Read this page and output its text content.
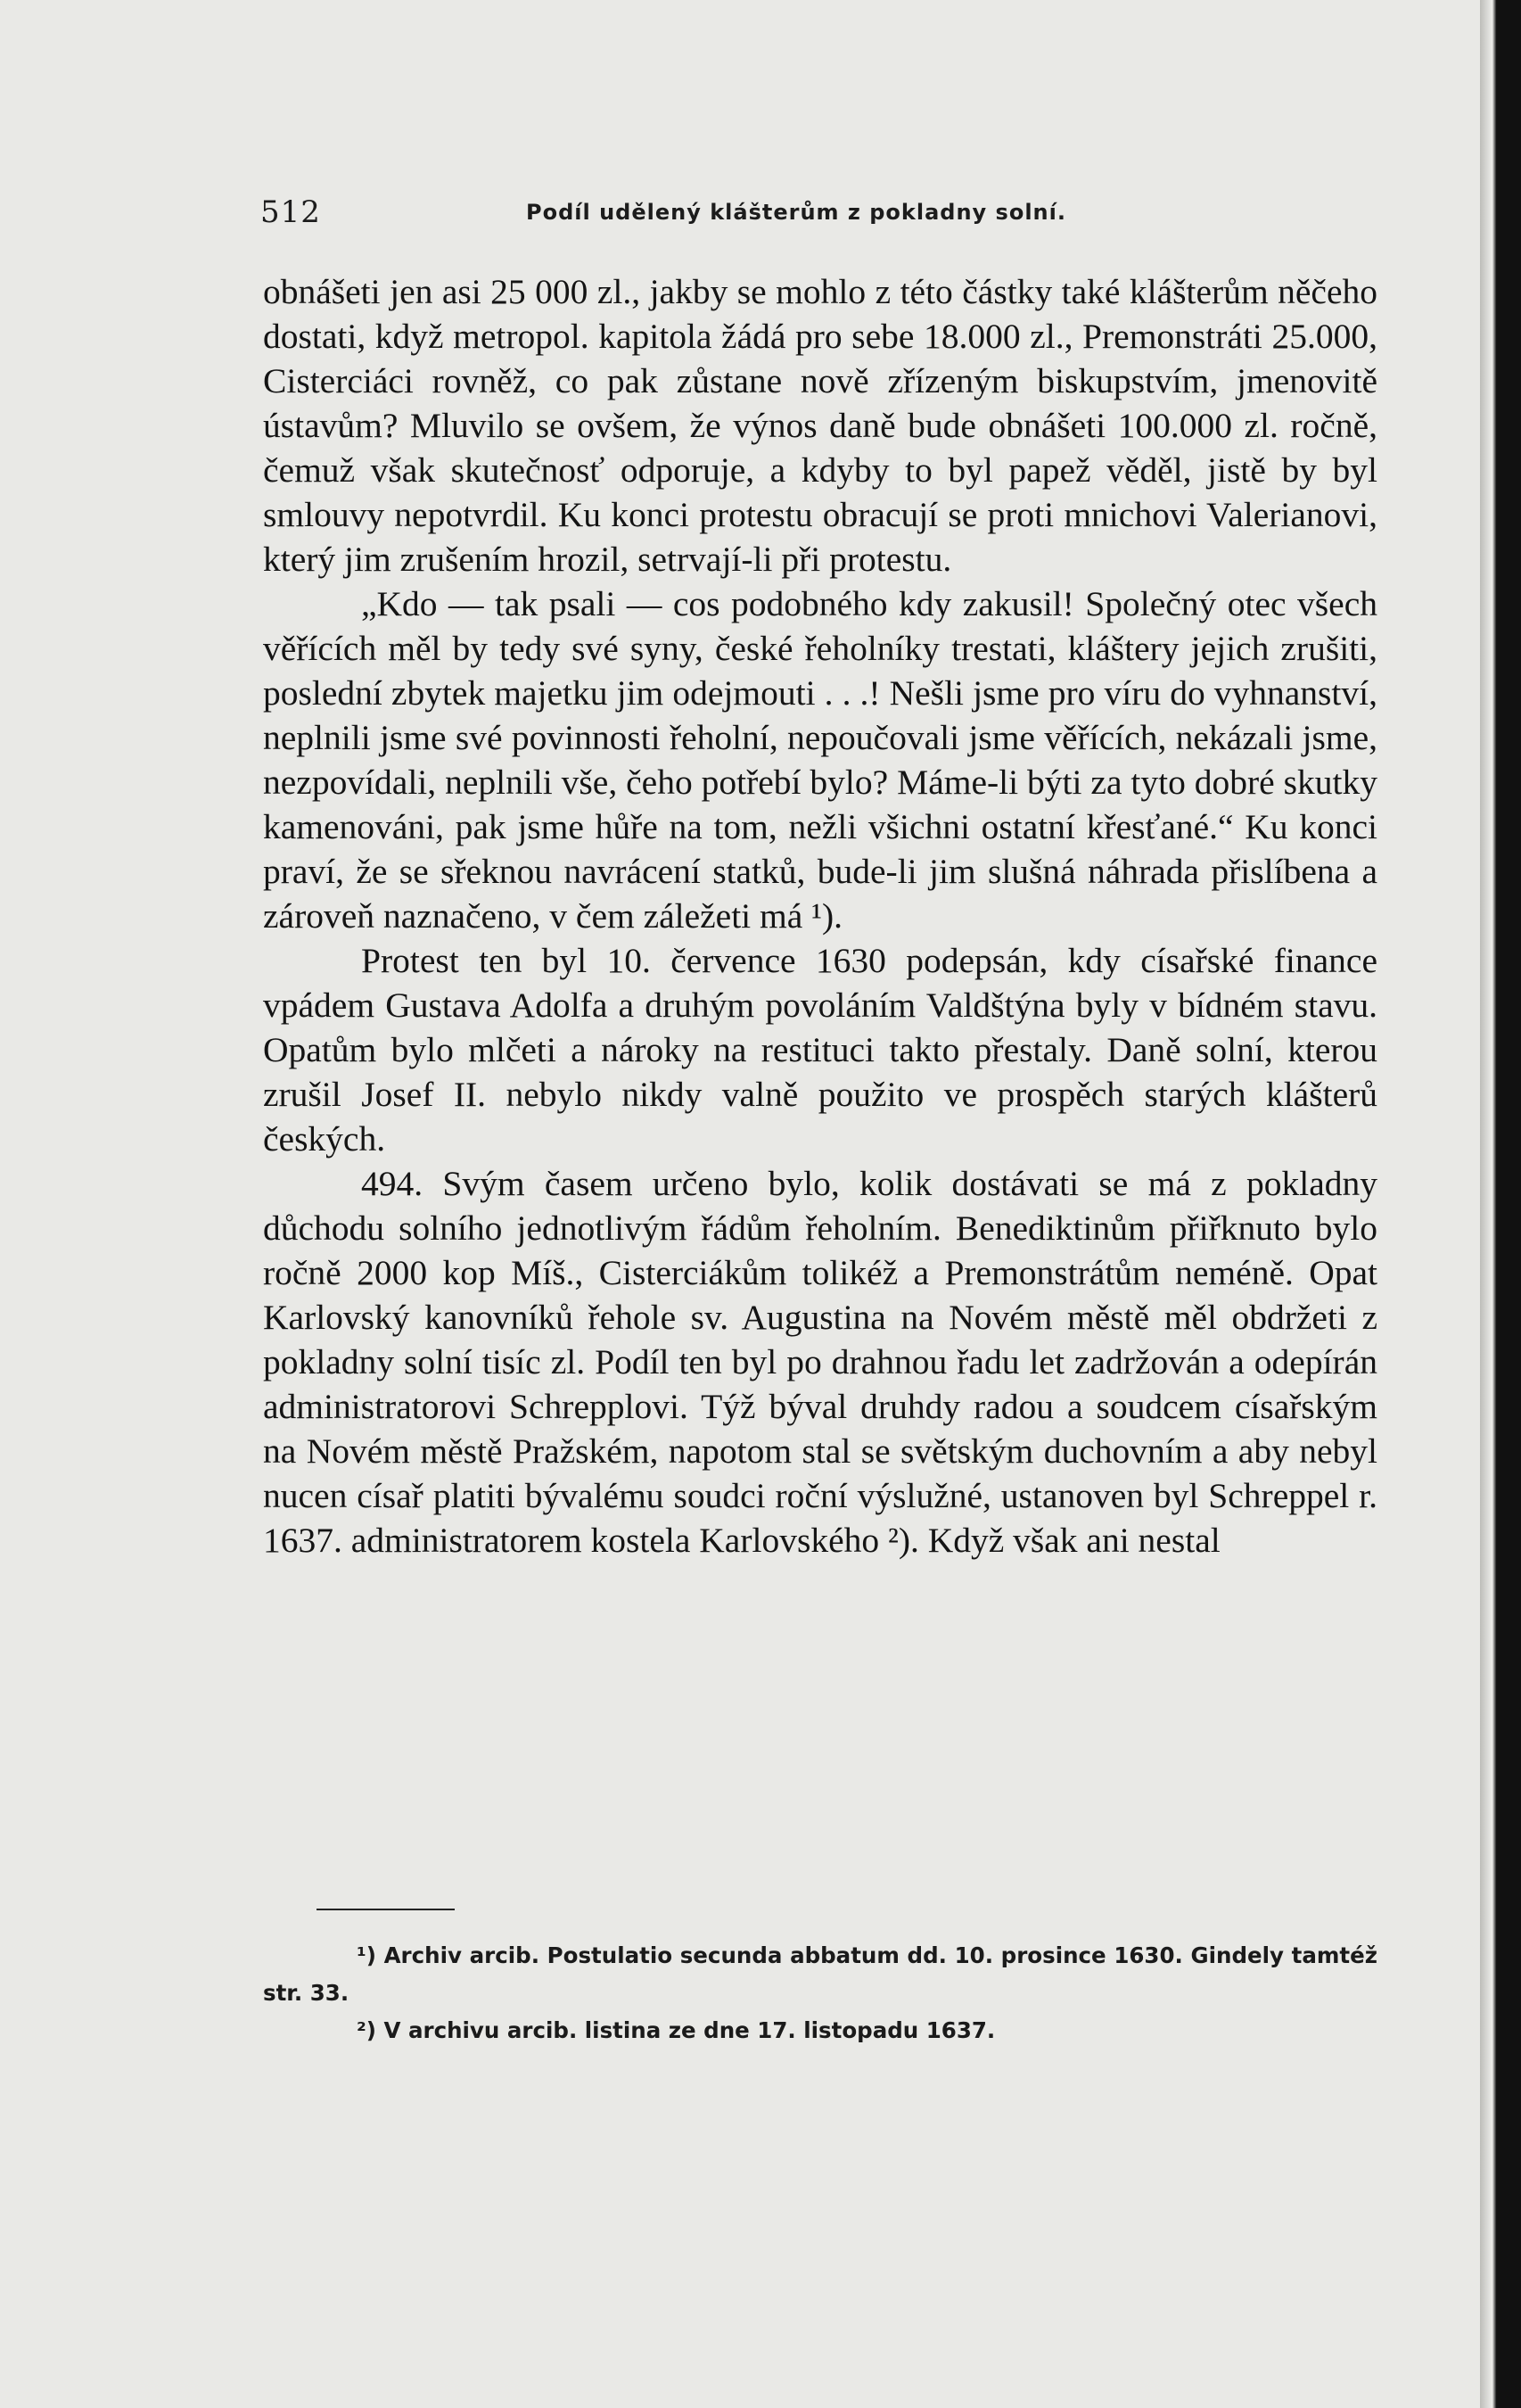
512	Podíl udělený klášterům z pokladny solní.

obnášeti jen asi 25 000 zl., jakby se mohlo z této částky také klášterům něčeho dostati, když metropol. kapitola žádá pro sebe 18.000 zl., Premonstráti 25.000, Cisterciáci rovněž, co pak zůstane nově zřízeným biskupstvím, jmenovitě ústavům? Mluvilo se ovšem, že výnos daně bude obnášeti 100.000 zl. ročně, čemuž však skutečnosť odporuje, a kdyby to byl papež věděl, jistě by byl smlouvy nepotvrdil. Ku konci protestu obracují se proti mnichovi Valerianovi, který jim zrušením hrozil, setrvají-li při protestu.

„Kdo — tak psali — cos podobného kdy zakusil! Společný otec všech věřících měl by tedy své syny, české řeholníky trestati, kláštery jejich zrušiti, poslední zbytek majetku jim odejmouti . . .! Nešli jsme pro víru do vyhnanství, neplnili jsme své povinnosti řeholní, nepoučovali jsme věřících, nekázali jsme, nezpovídali, neplnili vše, čeho potřebí bylo? Máme-li býti za tyto dobré skutky kamenováni, pak jsme hůře na tom, nežli všichni ostatní křesťané.“ Ku konci praví, že se sřeknou navrácení statků, bude-li jim slušná náhrada přislíbena a zároveň naznačeno, v čem záležeti má ¹).

Protest ten byl 10. července 1630 podepsán, kdy císařské finance vpádem Gustava Adolfa a druhým povoláním Valdštýna byly v bídném stavu. Opatům bylo mlčeti a nároky na restituci takto přestaly. Daně solní, kterou zrušil Josef II. nebylo nikdy valně použito ve prospěch starých klášterů českých.

494. Svým časem určeno bylo, kolik dostávati se má z pokladny důchodu solního jednotlivým řádům řeholním. Benediktinům přiřknuto bylo ročně 2000 kop Míš., Cisterciákům tolikéž a Premonstrátům neméně. Opat Karlovský kanovníků řehole sv. Augustina na Novém městě měl obdržeti z pokladny solní tisíc zl. Podíl ten byl po drahnou řadu let zadržován a odepírán administratorovi Schrepplovi. Týž býval druhdy radou a soudcem císařským na Novém městě Pražském, napotom stal se světským duchovním a aby nebyl nucen císař platiti bývalému soudci roční výslužné, ustanoven byl Schreppel r. 1637. administratorem kostela Karlovského ²). Když však ani nestal

¹) Archiv arcib. Postulatio secunda abbatum dd. 10. prosince 1630. Gindely tamtéž str. 33.

²) V archivu arcib. listina ze dne 17. listopadu 1637.
